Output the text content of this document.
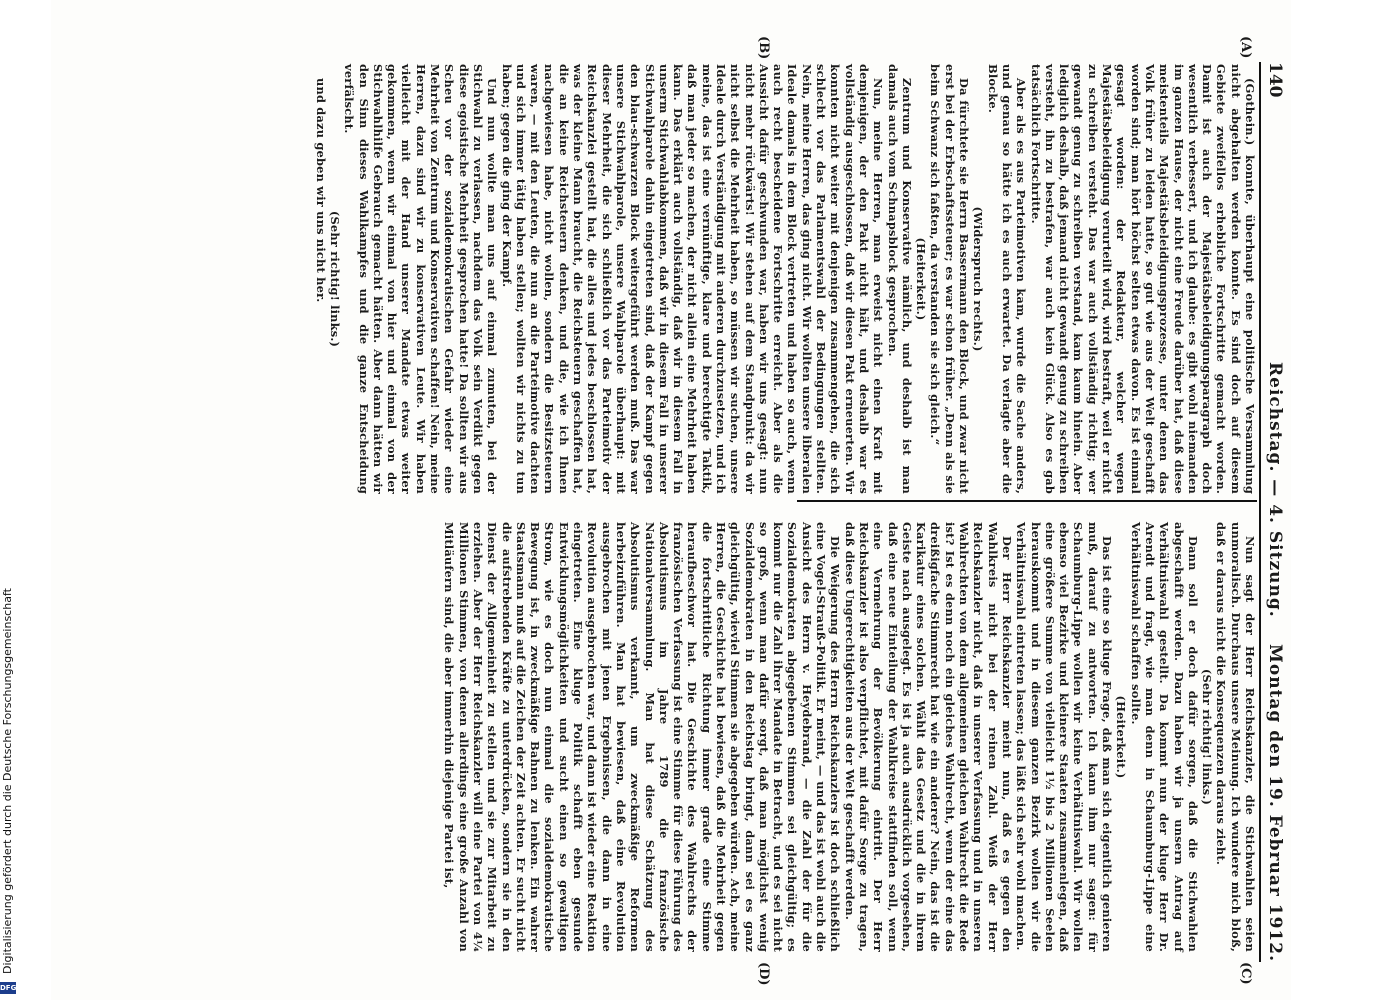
140
Reichstag. — 4. Sitzung.
Montag den 19. Februar 1912.
(A)
(B)
(C)
(D)

(Gothein.) konnte, überhaupt eine politische Versammlung nicht abgehalten werden konnte. Es sind doch auf diesem Gebiete zweifellos erhebliche Fortschritte gemacht worden. Damit ist auch der Majestätsbeleidigungsparagraph doch wesentlich verbessert, und ich glaube: es gibt wohl niemanden im ganzen Hause, der nicht eine Freude darüber hat, daß diese meistenteils Majestätsbeleidigungsprozesse, unter denen das Volk früher zu leiden hatte, so gut wie aus der Welt geschafft worden sind; man hört höchst selten etwas davon. Es ist einmal gesagt worden: der Redakteur, welcher wegen Majestätsbeleidigung verurteilt wird, wird bestraft, weil er nicht zu schreiben versteht. Das war auch vollständig richtig; wer gewandt genug zu schreiben verstand, kam kaum hinein. Aber lediglich deshalb, daß jemand nicht gewandt genug zu schreiben versteht, ihn zu bestrafen, war auch kein Glück. Also es gab tatsächlich Fortschritte.

Aber als es aus Parteimotiven kam, wurde die Sache anders, und genau so hätte ich es auch erwartet. Da verlagte aber die Blocke.

(Widerspruch rechts.)

Da fürchtete sie Herrn Bassermann den Block, und zwar nicht erst bei der Erbschaftssteuer; es war schon früher. „Denn als sie beim Schwanz sich faßten, da verstanden sie sich gleich.“

(Heiterkeit.)

Zentrum und Konservative nämlich, und deshalb ist man damals auch vom Schnapsblock gesprochen.

Nun, meine Herren, man erweist nicht einen Kraft mit demjenigen, der den Pakt nicht hält, und deshalb war es vollständig ausgeschlossen, daß wir diesen Pakt erneuerten. Wir konnten nicht weiter mit denjenigen zusammengehen, die sich schlecht vor das Parlamentswahl der Bedingungen stellten. Nein, meine Herren, das ging nicht. Wir wollten unsere liberalen Ideale damals in dem Block vertreten und haben so auch, wenn auch recht bescheidene Fortschritte erreicht. Aber als die Aussicht dafür geschwunden war, haben wir uns gesagt: nun nicht mehr rückwärts! Wir stehen auf dem Standpunkt: da wir nicht selbst die Mehrheit haben, so müssen wir suchen, unsere Ideale durch Verständigung mit anderen durchzusetzen, und ich meine, das ist eine vernünftige, klare und berechtigte Taktik, daß man jeder so machen, der nicht allein eine Mehrheit haben kann. Das erklärt auch vollständig, daß wir in diesem Fall in unserm Stichwahlabkommen, daß wir in diesem Fall in unserer Stichwahlparole dahin eingetreten sind, daß der Kampf gegen den blau-schwarzen Block weitergeführt werden muß. Das war unsere Stichwahlparole, unsere Wahlparole überhaupt: mit dieser Mehrheit, die sich schließlich vor das Parteimotiv der Reichskanzlei gestellt hat, die alles und jedes beschlossen hat, was der kleine Mann braucht, die Reichsteuern geschaffen hat, die an keine Reichsteuern denken, und die, wie ich Ihnen nachgewiesen habe, nicht wollen, sondern die Besitzsteuern waren, — mit den Leuten, die nun an die Parteimotive dachten und sich immer tätig haben stellen; wollten wir nichts zu tun haben; gegen die ging der Kampf.

Und nun wollte man uns auf einmal zumuten, bei der Stichwahl zu verlassen, nachdem das Volk sein Verdikt gegen diese egoistische Mehrheit gesprochen hatte! Da sollten wir aus Scheu vor der sozialdemokratischen Gefahr wieder eine Mehrheit von Zentrum und Konservativen schaffen! Nein, meine Herren, dazu sind wir zu konservativen Leute. Wir haben vielleicht mit der Hand unserer Mandate etwas weiter gekommen, wenn wir einmal von hier und einmal von der Stichwahlhilfe Gebrauch gemacht hätten. Aber dann hätten wir den Sinn dieses Wahlkampfes und die ganze Entscheidung verfälscht.

(Sehr richtig! links.)

und dazu geben wir uns nicht her.

Nun sagt der Herr Reichskanzler, die Stichwahlen seien unmoralisch. Durchaus unsere Meinung. Ich wundere mich bloß, daß er daraus nicht die Konsequenzen daraus zieht.

(Sehr richtig! links.)

Dann soll er doch dafür sorgen, daß die Stichwahlen abgeschafft werden. Dazu haben wir ja unsern Antrag auf Verhältniswahl gestellt. Da kommt nun der kluge Herr Dr. Arendt und fragt, wie man denn in Schaumburg-Lippe eine Verhältniswahl schaffen sollte.

(Heiterkeit.)

Das ist eine so kluge Frage, daß man sich eigentlich genieren muß, darauf zu antworten. Ich kann ihm nur sagen: für Schaumburg-Lippe wollen wir keine Verhältniswahl. Wir wollen ebenso viel Bezirke und kleinere Staaten zusammenlegen, daß eine größere Summe von vielleicht 1½ bis 2 Millionen Seelen herauskommt und in diesem ganzen Bezirk wollen wir die Verhältniswahl eintreten lassen; das läßt sich sehr wohl machen.

Der Herr Reichskanzler meint nun, daß es gegen den Wahlkreis nicht bei der reinen Zahl. Weiß der Herr Reichskanzler nicht, daß in unserer Verfassung und in unseren Wahlrechten von dem allgemeinen gleichen Wahlrecht die Rede ist? Ist es denn noch ein gleiches Wahlrecht, wenn der eine das dreißigfache Stimmrecht hat wie ein anderer? Nein, das ist die Karikatur eines solchen. Wählt das Gesetz und die in ihrem Geiste nach ausgelegt. Es ist ja auch ausdrücklich vorgesehen, daß eine neue Einteilung der Wahlkreise stattfinden soll, wenn eine Vermehrung der Bevölkerung eintritt. Der Herr Reichskanzler ist also verpflichtet, mit dafür Sorge zu tragen, daß diese Ungerechtigkeiten aus der Welt geschafft werden.

Die Weigerung des Herrn Reichskanzlers ist doch schließlich eine Vogel-Strauß-Politik. Er meint, — und das ist wohl auch die Ansicht des Herrn v. Heydebrand, — die Zahl der für die Sozialdemokraten abgegebenen Stimmen sei gleichgültig; es kommt nur die Zahl ihrer Mandate in Betracht, und es sei nicht so groß, wenn man dafür sorgt, daß man möglichst wenig Sozialdemokraten in den Reichstag bringt, dann sei es ganz gleichgültig, wieviel Stimmen sie abgegeben würden. Ach, meine Herren, die Geschichte hat bewiesen, daß die Mehrheit gegen die fortschrittliche Richtung immer grade eine Stimme heraufbeschwor hat. Die Geschichte des Wahlrechts der französischen Verfassung ist eine Stimme für diese Führung des Absolutismus im Jahre 1789 die französische Nationalversammlung. Man hat diese Schätzung des Absolutismus verkannt, um zweckmäßige Reformen herbeizuführen. Man hat bewiesen, daß eine Revolution ausgebrochen mit jenen Ergebnissen, die dann in eine Revolution ausgebrochen war, und dann ist wieder eine Reaktion eingetreten. Eine kluge Politik schafft eben gesunde Entwicklungsmöglichkeiten und sucht einen so gewaltigen Strom, wie es doch nun einmal die sozialdemokratische Bewegung ist, in zweckmäßige Bahnen zu lenken. Ein wahrer Staatsmann muß auf die Zeichen der Zeit achten. Er sucht nicht die aufstrebenden Kräfte zu unterdrücken, sondern sie in den Dienst der Allgemeinheit zu stellen und sie zur Mitarbeit zu erziehen. Aber der Herr Reichskanzler will eine Partei von 4¼ Millionen Stimmen, von denen allerdings eine große Anzahl von Mitläufern sind, die aber immerhin diejenige Partei ist,

DFG
Digitalisierung gefördert durch die Deutsche Forschungsgemeinschaft
